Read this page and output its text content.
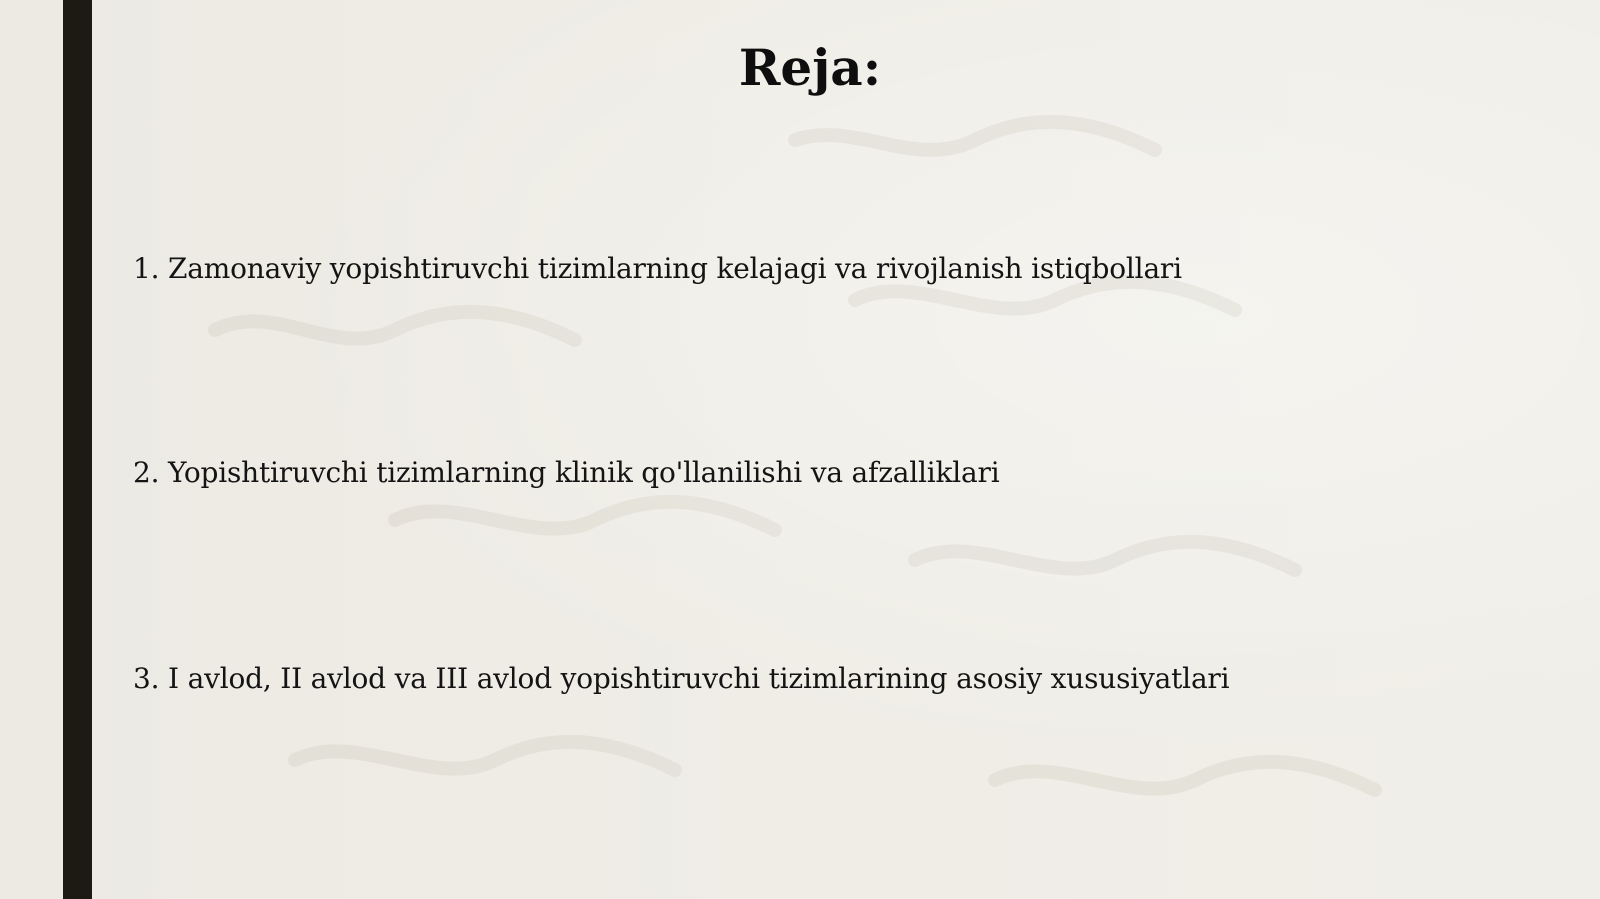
Reja:
1. Zamonaviy yopishtiruvchi tizimlarning kelajagi va rivojlanish istiqbollari
2. Yopishtiruvchi tizimlarning klinik qo'llanilishi va afzalliklari
3. I avlod, II avlod va III avlod yopishtiruvchi tizimlarining asosiy xususiyatlari
